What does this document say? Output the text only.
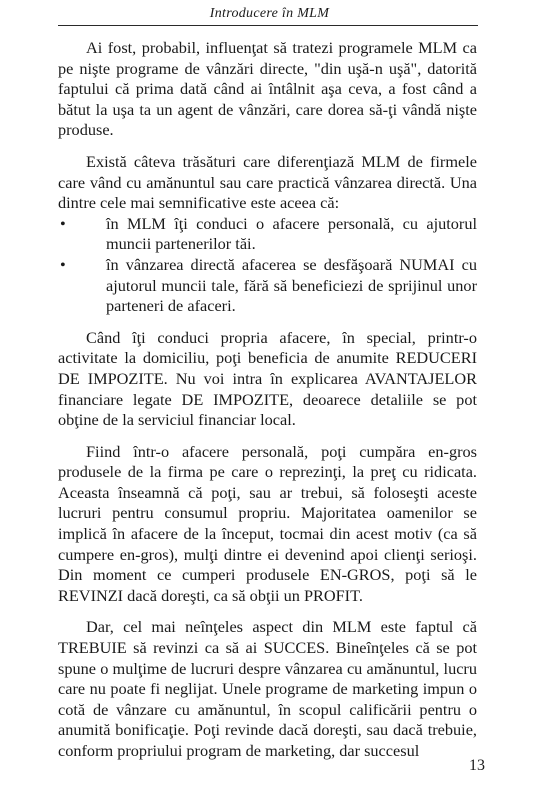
Introducere în MLM

Ai fost, probabil, influenţat să tratezi programele MLM ca pe nişte programe de vânzări directe, "din uşă-n uşă", datorită faptului că prima dată când ai întâlnit aşa ceva, a fost când a bătut la uşa ta un agent de vânzări, care dorea să-ţi vândă nişte produse.

Există câteva trăsături care diferenţiază MLM de firmele care vând cu amănuntul sau care practică vânzarea directă. Una dintre cele mai semnificative este aceea că:

• în MLM îţi conduci o afacere personală, cu ajutorul muncii partenerilor tăi.
• în vânzarea directă afacerea se desfăşoară NUMAI cu ajutorul muncii tale, fără să beneficiezi de sprijinul unor parteneri de afaceri.

Când îţi conduci propria afacere, în special, printr-o activitate la domiciliu, poţi beneficia de anumite REDUCERI DE IMPOZITE. Nu voi intra în explicarea AVANTAJELOR financiare legate DE IMPOZITE, deoarece detaliile se pot obţine de la serviciul financiar local.

Fiind într-o afacere personală, poţi cumpăra en-gros produsele de la firma pe care o reprezinţi, la preţ cu ridicata. Aceasta înseamnă că poţi, sau ar trebui, să foloseşti aceste lucruri pentru consumul propriu. Majoritatea oamenilor se implică în afacere de la început, tocmai din acest motiv (ca să cumpere en-gros), mulţi dintre ei devenind apoi clienţi serioşi. Din moment ce cumperi produsele EN-GROS, poţi să le REVINZI dacă doreşti, ca să obţii un PROFIT.

Dar, cel mai neînţeles aspect din MLM este faptul că TREBUIE să revinzi ca să ai SUCCES. Bineînţeles că se pot spune o mulţime de lucruri despre vânzarea cu amănuntul, lucru care nu poate fi neglijat. Unele programe de marketing impun o cotă de vânzare cu amănuntul, în scopul calificării pentru o anumită bonificaţie. Poţi revinde dacă doreşti, sau dacă trebuie, conform propriului program de marketing, dar succesul

13
